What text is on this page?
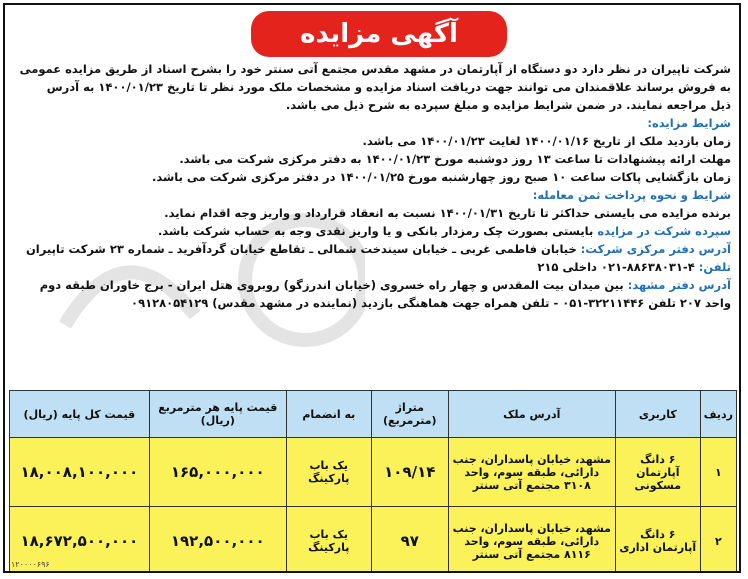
آگهی مزایده

شرکت تاپیران در نظر دارد دو دستگاه از آپارتمان در مشهد مقدس مجتمع آتی سنتر خود را بشرح اسناد از طریق مزایده عمومی

به فروش برساند علاقمندان می توانند جهت دریافت اسناد مزایده و مشخصات ملک مورد نظر تا تاریخ ۱۴۰۰/۰۱/۲۳ به آدرس

ذیل مراجعه نمایند. در ضمن شرایط مزایده و مبلغ سپرده به شرح ذیل می باشد.

شرایط مزایده:

زمان بازدید ملک از تاریخ ۱۴۰۰/۰۱/۱۶ لغایت ۱۴۰۰/۰۱/۲۳ می باشد.

مهلت ارائه پیشنهادات تا ساعت ۱۳ روز دوشنبه مورخ ۱۴۰۰/۰۱/۲۳ به دفتر مرکزی شرکت می باشد.

زمان بازگشایی پاکات ساعت ۱۰ صبح روز چهارشنبه مورخ ۱۴۰۰/۰۱/۲۵ در دفتر مرکزی شرکت می باشد.

شرایط و نحوه پرداخت ثمن معامله:

برنده مزایده می بایستی حداکثر تا تاریخ ۱۴۰۰/۰۱/۳۱ نسبت به انعقاد قرارداد و واریز وجه اقدام نماید.

سپرده شرکت در مزایده بایستی بصورت چک رمزدار بانکی و یا واریز نقدی وجه به حساب شرکت باشد.

آدرس دفتر مرکزی شرکت: خیابان فاطمی غربی ـ خیابان سیندخت شمالی ـ تقاطع خیابان گردآفرید ـ شماره ۲۳ شرکت تاپیران

تلفن: ۴-۸۸۶۳۸۰۳۱-۰۲۱ داخلی ۲۱۵

آدرس دفتر مشهد: بین میدان بیت المقدس و چهار راه خسروی (خیابان اندرزگو) روبروی هتل ایران - برج خاوران طبقه دوم

واحد ۲۰۷ تلفن ۳۲۲۱۱۴۴۶-۰۵۱ - تلفن همراه جهت هماهنگی بازدید (نماینده در مشهد مقدس) ۰۹۱۲۸۰۵۴۱۲۹

ردیف	کاربری	آدرس ملک	متراژ (مترمربع)	به انضمام	قیمت پایه هر مترمربع (ریال)	قیمت کل پایه (ریال)
۱	۶ دانگ آپارتمان مسکونی	مشهد، خیابان پاسداران، جنب دارائی، طبقه سوم، واحد ۳۱۰۸ مجتمع آتی سنتر	۱۰۹/۱۴	یک باب پارکینگ	۱۶۵,۰۰۰,۰۰۰	۱۸,۰۰۸,۱۰۰,۰۰۰
۲	۶ دانگ آپارتمان اداری	مشهد، خیابان پاسداران، جنب دارائی، طبقه سوم، واحد ۸۱۱۶ مجتمع آتی سنتر	۹۷	یک باب پارکینگ	۱۹۲,۵۰۰,۰۰۰	۱۸,۶۷۲,۵۰۰,۰۰۰
۱۲۰۰۰۰۶۹۶
